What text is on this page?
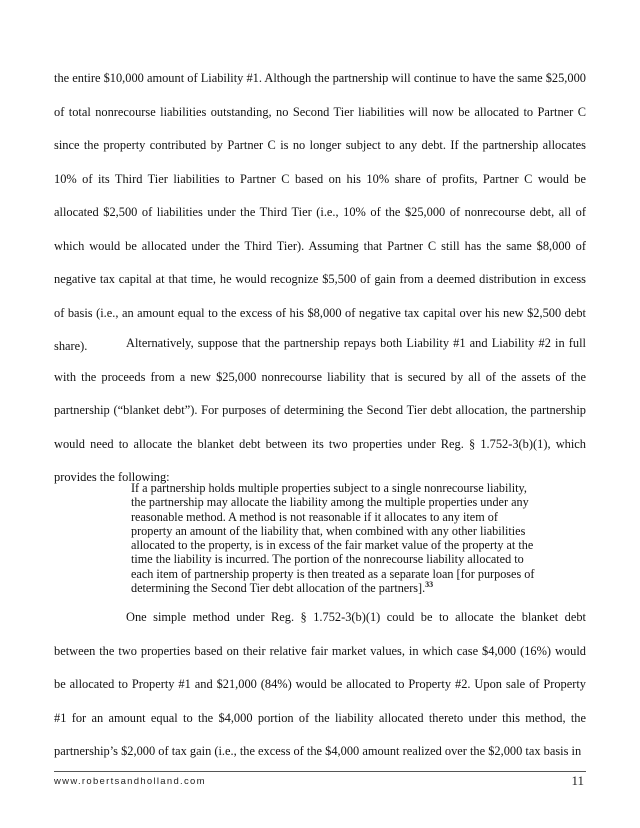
the entire $10,000 amount of Liability #1. Although the partnership will continue to have the same $25,000 of total nonrecourse liabilities outstanding, no Second Tier liabilities will now be allocated to Partner C since the property contributed by Partner C is no longer subject to any debt. If the partnership allocates 10% of its Third Tier liabilities to Partner C based on his 10% share of profits, Partner C would be allocated $2,500 of liabilities under the Third Tier (i.e., 10% of the $25,000 of nonrecourse debt, all of which would be allocated under the Third Tier). Assuming that Partner C still has the same $8,000 of negative tax capital at that time, he would recognize $5,500 of gain from a deemed distribution in excess of basis (i.e., an amount equal to the excess of his $8,000 of negative tax capital over his new $2,500 debt share).	Alternatively, suppose that the partnership repays both Liability #1 and Liability #2 in full with the proceeds from a new $25,000 nonrecourse liability that is secured by all of the assets of the partnership (“blanket debt”). For purposes of determining the Second Tier debt allocation, the partnership would need to allocate the blanket debt between its two properties under Reg. § 1.752-3(b)(1), which provides the following:

If a partnership holds multiple properties subject to a single nonrecourse liability, the partnership may allocate the liability among the multiple properties under any reasonable method. A method is not reasonable if it allocates to any item of property an amount of the liability that, when combined with any other liabilities allocated to the property, is in excess of the fair market value of the property at the time the liability is incurred. The portion of the nonrecourse liability allocated to each item of partnership property is then treated as a separate loan [for purposes of determining the Second Tier debt allocation of the partners].$^{33}$

One simple method under Reg. § 1.752-3(b)(1) could be to allocate the blanket debt between the two properties based on their relative fair market values, in which case $4,000 (16%) would be allocated to Property #1 and $21,000 (84%) would be allocated to Property #2. Upon sale of Property #1 for an amount equal to the $4,000 portion of the liability allocated thereto under this method, the partnership’s $2,000 of tax gain (i.e., the excess of the $4,000 amount realized over the $2,000 tax basis in

www.robertsandholland.com	11
